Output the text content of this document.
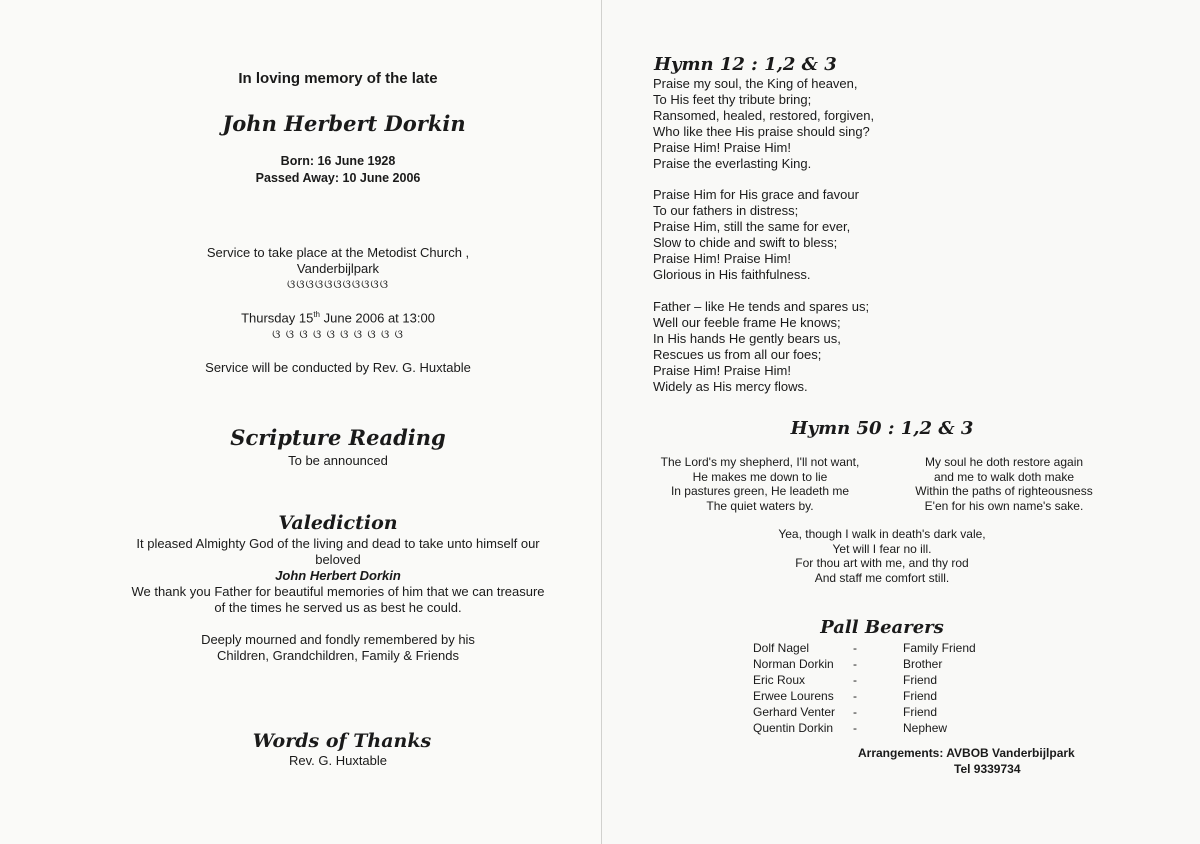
In loving memory of the late
John Herbert Dorkin
Born: 16 June 1928
Passed Away: 10 June 2006
Service to take place at the Metodist Church ,
Vanderbijlpark
ଓଓଓଓଓଓଓଓଓଓଓ
Thursday 15th June 2006 at 13:00
ଓ ଓ ଓ ଓ ଓ ଓ ଓ ଓ ଓ ଓ
Service will be conducted by Rev. G. Huxtable
Scripture Reading
To be announced
Valediction
It pleased Almighty God of the living and dead to take unto himself our
beloved
John Herbert Dorkin
We thank you Father for beautiful memories of him that we can treasure
of the times he served us as best he could.
Deeply mourned and fondly remembered by his
Children, Grandchildren, Family & Friends
Words of Thanks
Rev. G. Huxtable
Hymn 12 : 1,2 & 3
Praise my soul, the King of heaven,
To His feet thy tribute bring;
Ransomed, healed, restored, forgiven,
Who like thee His praise should sing?
Praise Him! Praise Him!
Praise the everlasting King.
Praise Him for His grace and favour
To our fathers in distress;
Praise Him, still the same for ever,
Slow to chide and swift to bless;
Praise Him! Praise Him!
Glorious in His faithfulness.
Father – like He tends and spares us;
Well our feeble frame He knows;
In His hands He gently bears us,
Rescues us from all our foes;
Praise Him! Praise Him!
Widely as His mercy flows.
Hymn 50 : 1,2 & 3
The Lord's my shepherd, I'll not want,
He makes me down to lie
In pastures green, He leadeth me
The quiet waters by.
My soul he doth restore again
and me to walk doth make
Within the paths of righteousness
E'en for his own name's sake.
Yea, though I walk in death's dark vale,
Yet will I fear no ill.
For thou art with me, and thy rod
And staff me comfort still.
Pall Bearers
Dolf Nagel	-	Family Friend
Norman Dorkin	-	Brother
Eric Roux	-	Friend
Erwee Lourens	-	Friend
Gerhard Venter	-	Friend
Quentin Dorkin	-	Nephew
Arrangements: AVBOB Vanderbijlpark
Tel 9339734
